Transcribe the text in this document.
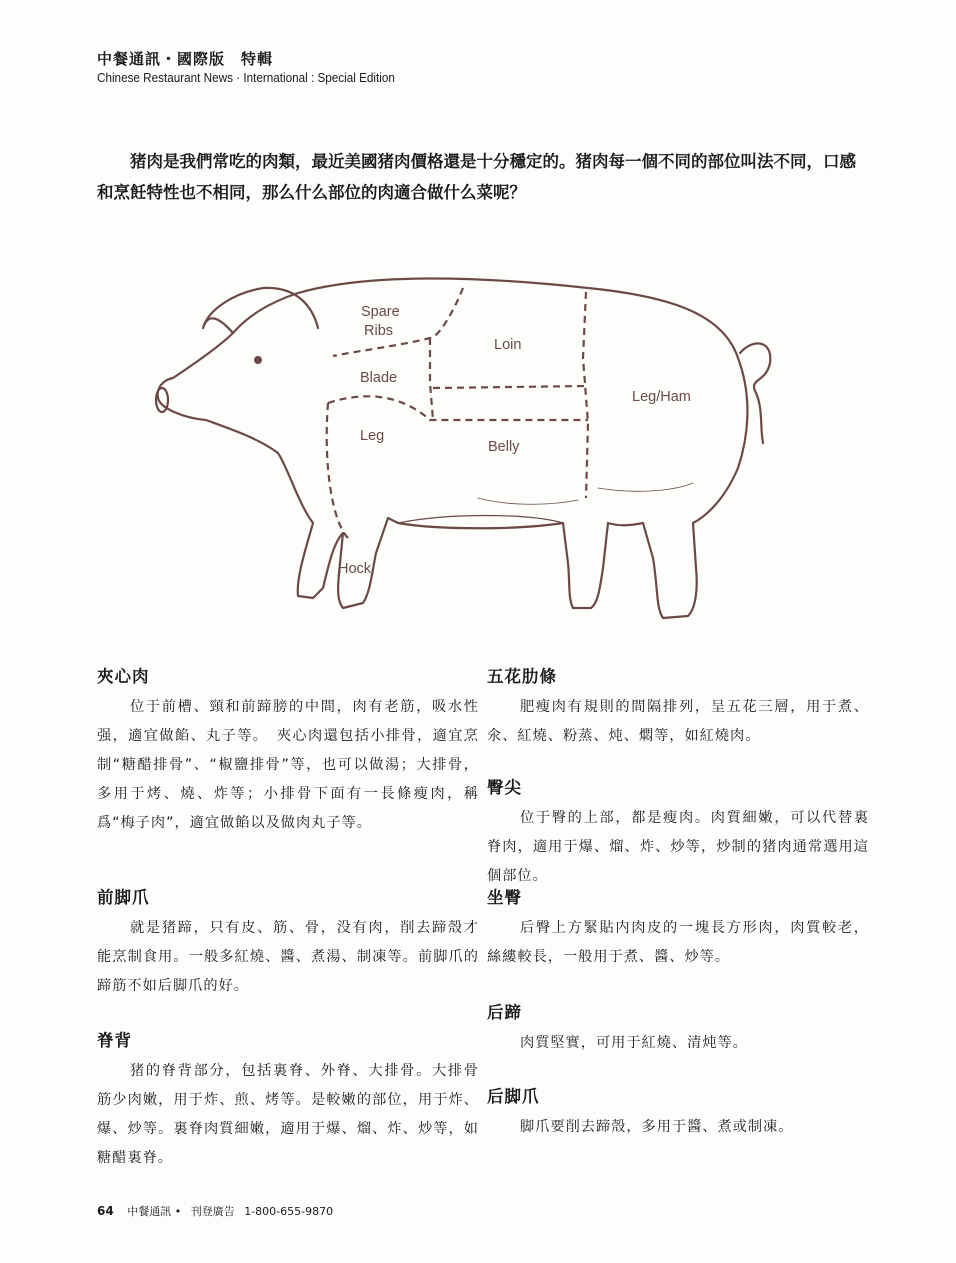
中餐通訊・國際版　特輯
Chinese Restaurant News · International : Special Edition
猪肉是我們常吃的肉類，最近美國猪肉價格還是十分穩定的。猪肉每一個不同的部位叫法不同，口感和烹飪特性也不相同，那么什么部位的肉適合做什么菜呢？
Spare
Ribs
Loin
Blade
Leg/Ham
Leg
Belly
Hock
夾心肉

位于前槽、頸和前蹄膀的中間，肉有老筋，吸水性强，適宜做餡、丸子等。　夾心肉還包括小排骨，適宜烹制“糖醋排骨”、“椒鹽排骨”等，也可以做湯；大排骨，多用于烤、燒、炸等；小排骨下面有一長條瘦肉，稱爲“梅子肉”，適宜做餡以及做肉丸子等。

前脚爪

就是猪蹄，只有皮、筋、骨，没有肉，削去蹄殼才能烹制食用。一般多紅燒、醬、煮湯、制凍等。前脚爪的蹄筋不如后脚爪的好。

脊背

猪的脊背部分，包括裏脊、外脊、大排骨。大排骨筋少肉嫩，用于炸、煎、烤等。是較嫩的部位，用于炸、爆、炒等。裏脊肉質細嫩，適用于爆、熘、炸、炒等，如糖醋裏脊。

五花肋條

肥瘦肉有規則的間隔排列，呈五花三層，用于煮、氽、紅燒、粉蒸、炖、燜等，如紅燒肉。

臀尖

位于臀的上部，都是瘦肉。肉質細嫩，可以代替裏脊肉，適用于爆、熘、炸、炒等，炒制的猪肉通常選用這個部位。

坐臀

后臀上方緊貼内肉皮的一塊長方形肉，肉質較老，絲縷較長，一般用于煮、醬、炒等。

后蹄

肉質堅實，可用于紅燒、清炖等。

后脚爪

脚爪要削去蹄殼，多用于醬、煮或制凍。

64 中餐通訊 • 刊登廣告 1-800-655-9870
